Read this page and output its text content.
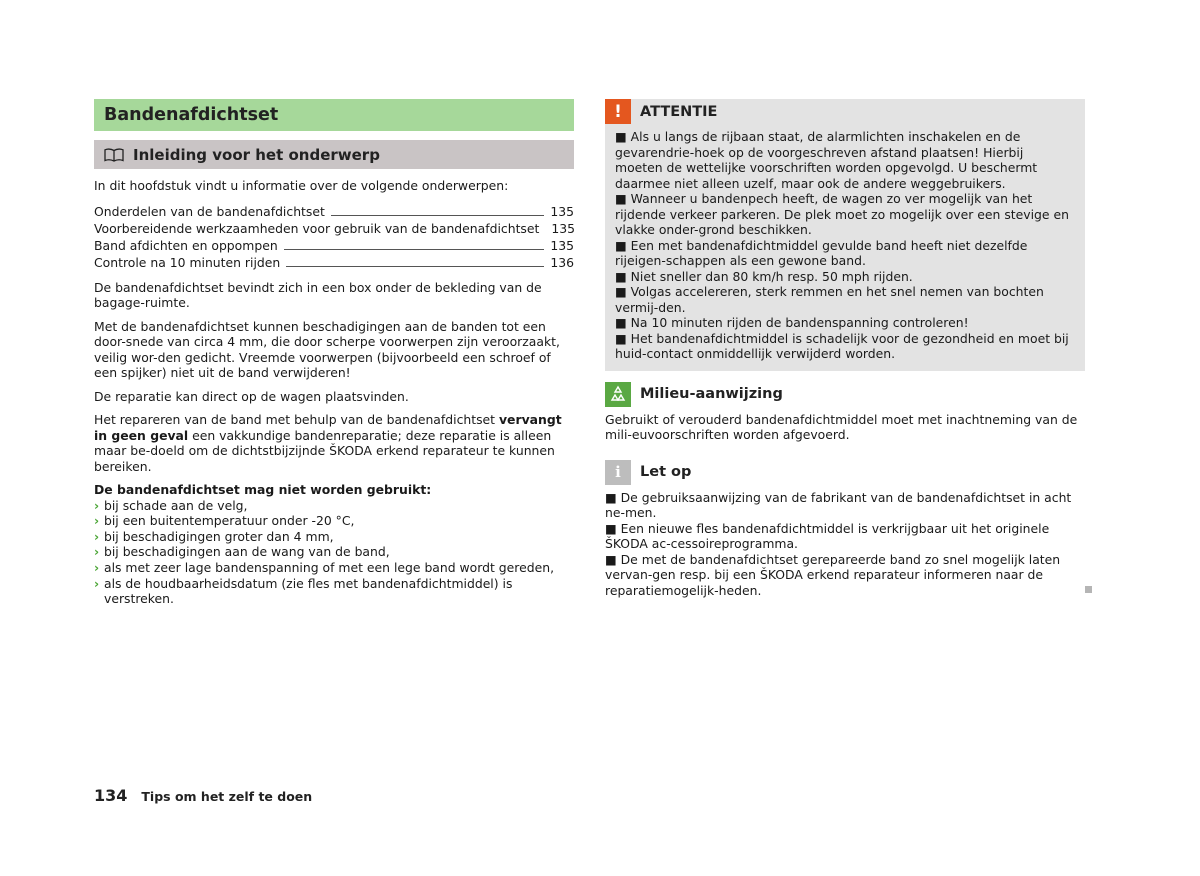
Bandenafdichtset
Inleiding voor het onderwerp

In dit hoofdstuk vindt u informatie over de volgende onderwerpen:

Onderdelen van de bandenafdichtset	135
Voorbereidende werkzaamheden voor gebruik van de bandenafdichtset 135
Band afdichten en oppompen	135
Controle na 10 minuten rijden	136

De bandenafdichtset bevindt zich in een box onder de bekleding van de bagage-ruimte.

Met de bandenafdichtset kunnen beschadigingen aan de banden tot een door-snede van circa 4 mm, die door scherpe voorwerpen zijn veroorzaakt, veilig wor-den gedicht. Vreemde voorwerpen (bijvoorbeeld een schroef of een spijker) niet uit de band verwijderen!

De reparatie kan direct op de wagen plaatsvinden.

Het repareren van de band met behulp van de bandenafdichtset vervangt in geen geval een vakkundige bandenreparatie; deze reparatie is alleen maar be-doeld om de dichtstbijzijnde ŠKODA erkend reparateur te kunnen bereiken.

De bandenafdichtset mag niet worden gebruikt:

› bij schade aan de velg,
› bij een buitentemperatuur onder -20 °C,
› bij beschadigingen groter dan 4 mm,
› bij beschadigingen aan de wang van de band,
› als met zeer lage bandenspanning of met een lege band wordt gereden,
› als de houdbaarheidsdatum (zie fles met bandenafdichtmiddel) is verstreken.
!	ATTENTIE
■ Als u langs de rijbaan staat, de alarmlichten inschakelen en de gevarendrie-hoek op de voorgeschreven afstand plaatsen! Hierbij moeten de wettelijke voorschriften worden opgevolgd. U beschermt daarmee niet alleen uzelf, maar ook de andere weggebruikers.
■ Wanneer u bandenpech heeft, de wagen zo ver mogelijk van het rijdende verkeer parkeren. De plek moet zo mogelijk over een stevige en vlakke onder-grond beschikken.
■ Een met bandenafdichtmiddel gevulde band heeft niet dezelfde rijeigen-schappen als een gewone band.
■ Niet sneller dan 80 km/h resp. 50 mph rijden.
■ Volgas accelereren, sterk remmen en het snel nemen van bochten vermij-den.
■ Na 10 minuten rijden de bandenspanning controleren!
■ Het bandenafdichtmiddel is schadelijk voor de gezondheid en moet bij huid-contact onmiddellijk verwijderd worden.
Milieu-aanwijzing
Gebruikt of verouderd bandenafdichtmiddel moet met inachtneming van de mili-euvoorschriften worden afgevoerd.
i	Let op
■ De gebruiksaanwijzing van de fabrikant van de bandenafdichtset in acht ne-men.
■ Een nieuwe fles bandenafdichtmiddel is verkrijgbaar uit het originele ŠKODA ac-cessoireprogramma.
■ De met de bandenafdichtset gerepareerde band zo snel mogelijk laten vervan-gen resp. bij een ŠKODA erkend reparateur informeren naar de reparatiemogelijk-heden.
134 Tips om het zelf te doen
